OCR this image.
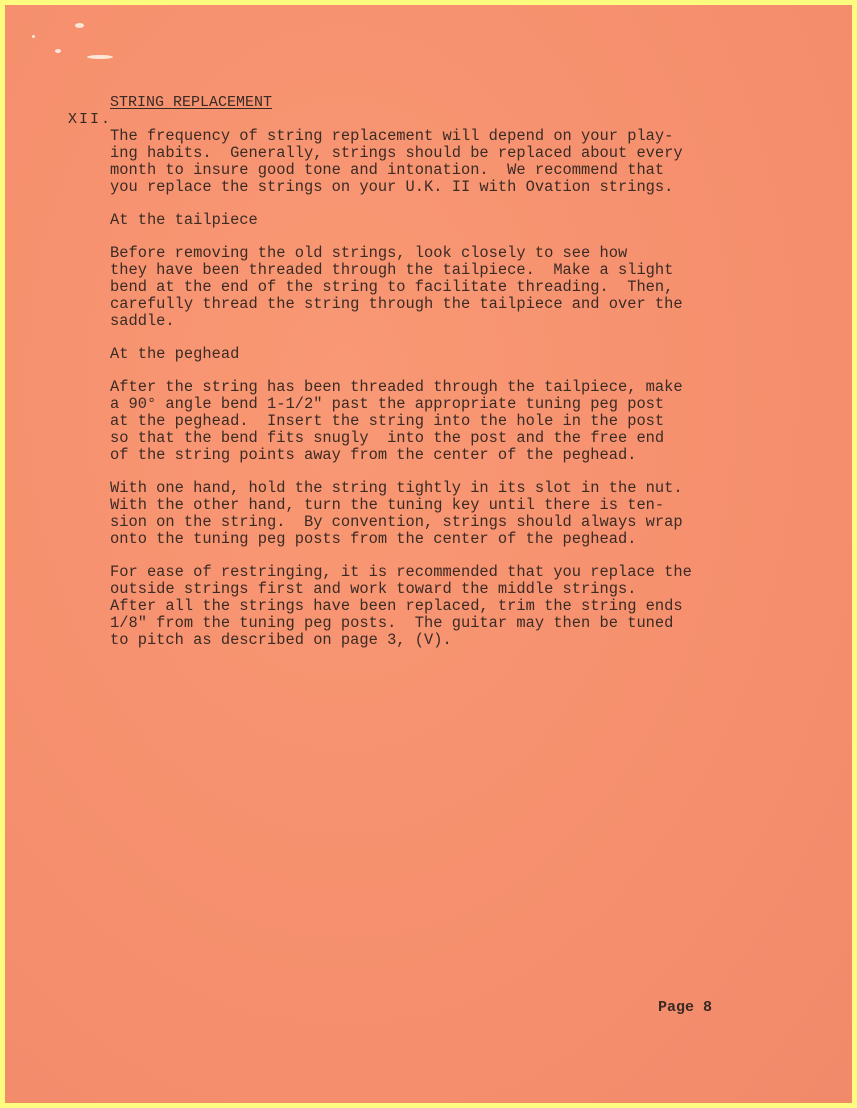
XII.

STRING REPLACEMENT

The frequency of string replacement will depend on your play-
ing habits.  Generally, strings should be replaced about every
month to insure good tone and intonation.  We recommend that
you replace the strings on your U.K. II with Ovation strings.
At the tailpiece
Before removing the old strings, look closely to see how
they have been threaded through the tailpiece.  Make a slight
bend at the end of the string to facilitate threading.  Then,
carefully thread the string through the tailpiece and over the
saddle.
At the peghead
After the string has been threaded through the tailpiece, make
a 90° angle bend 1-1/2" past the appropriate tuning peg post
at the peghead.  Insert the string into the hole in the post
so that the bend fits snugly  into the post and the free end
of the string points away from the center of the peghead.
With one hand, hold the string tightly in its slot in the nut.
With the other hand, turn the tuning key until there is ten-
sion on the string.  By convention, strings should always wrap
onto the tuning peg posts from the center of the peghead.
For ease of restringing, it is recommended that you replace the
outside strings first and work toward the middle strings.
After all the strings have been replaced, trim the string ends
1/8" from the tuning peg posts.  The guitar may then be tuned
to pitch as described on page 3, (V).
Page 8
